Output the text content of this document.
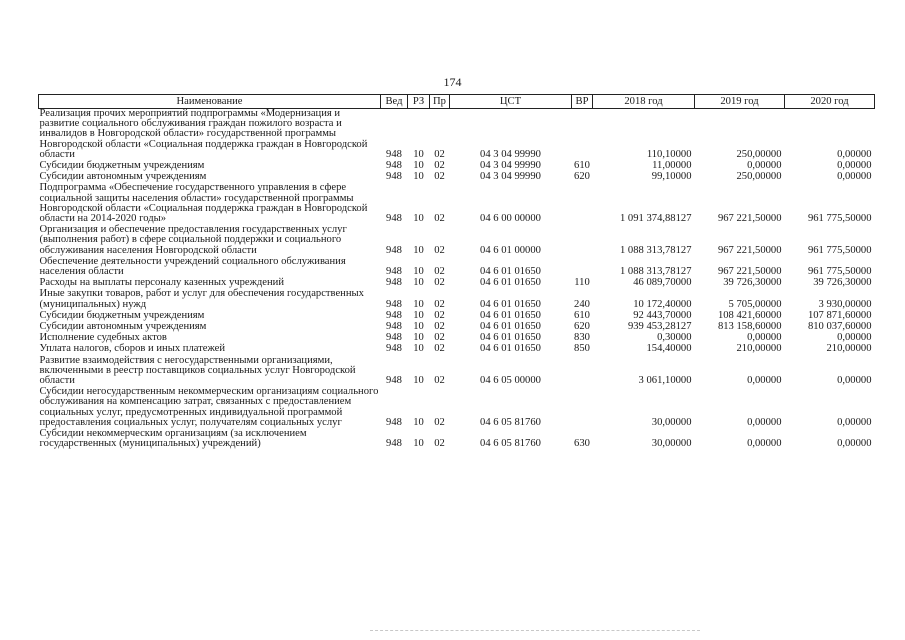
174
Наименование	Вед	РЗ	Пр	ЦСТ	ВР	2018 год	2019 год	2020 год
Реализация прочих мероприятий подпрограммы «Модернизация и развитие социального обслуживания граждан пожилого возраста и инвалидов в Новгородской области» государственной программы Новгородской области «Социальная поддержка граждан в Новгородской области	948	10	02	04 3 04 99990		110,10000	250,00000	0,00000
Субсидии бюджетным учреждениям	948	10	02	04 3 04 99990	610	11,00000	0,00000	0,00000
Субсидии автономным учреждениям	948	10	02	04 3 04 99990	620	99,10000	250,00000	0,00000
Подпрограмма «Обеспечение государственного управления в сфере социальной защиты населения области» государственной программы Новгородской области «Социальная поддержка граждан в Новгородской области на 2014-2020 годы»	948	10	02	04 6 00 00000		1 091 374,88127	967 221,50000	961 775,50000
Организация и обеспечение предоставления государственных услуг (выполнения работ) в сфере социальной поддержки и социального обслуживания населения Новгородской области	948	10	02	04 6 01 00000		1 088 313,78127	967 221,50000	961 775,50000
Обеспечение деятельности учреждений социального обслуживания населения области	948	10	02	04 6 01 01650		1 088 313,78127	967 221,50000	961 775,50000
Расходы на выплаты персоналу казенных учреждений	948	10	02	04 6 01 01650	110	46 089,70000	39 726,30000	39 726,30000
Иные закупки товаров, работ и услуг для обеспечения государственных (муниципальных) нужд	948	10	02	04 6 01 01650	240	10 172,40000	5 705,00000	3 930,00000
Субсидии бюджетным учреждениям	948	10	02	04 6 01 01650	610	92 443,70000	108 421,60000	107 871,60000
Субсидии автономным учреждениям	948	10	02	04 6 01 01650	620	939 453,28127	813 158,60000	810 037,60000
Исполнение судебных актов	948	10	02	04 6 01 01650	830	0,30000	0,00000	0,00000
Уплата налогов, сборов и иных платежей	948	10	02	04 6 01 01650	850	154,40000	210,00000	210,00000
Развитие взаимодействия с негосударственными организациями, включенными в реестр поставщиков социальных услуг Новгородской области	948	10	02	04 6 05 00000		3 061,10000	0,00000	0,00000
Субсидии негосударственным некоммерческим организациям социального обслуживания на компенсацию затрат, связанных с предоставлением социальных услуг, предусмотренных индивидуальной программой предоставления социальных услуг, получателям социальных услуг	948	10	02	04 6 05 81760		30,00000	0,00000	0,00000
Субсидии некоммерческим организациям (за исключением государственных (муниципальных) учреждений)	948	10	02	04 6 05 81760	630	30,00000	0,00000	0,00000
